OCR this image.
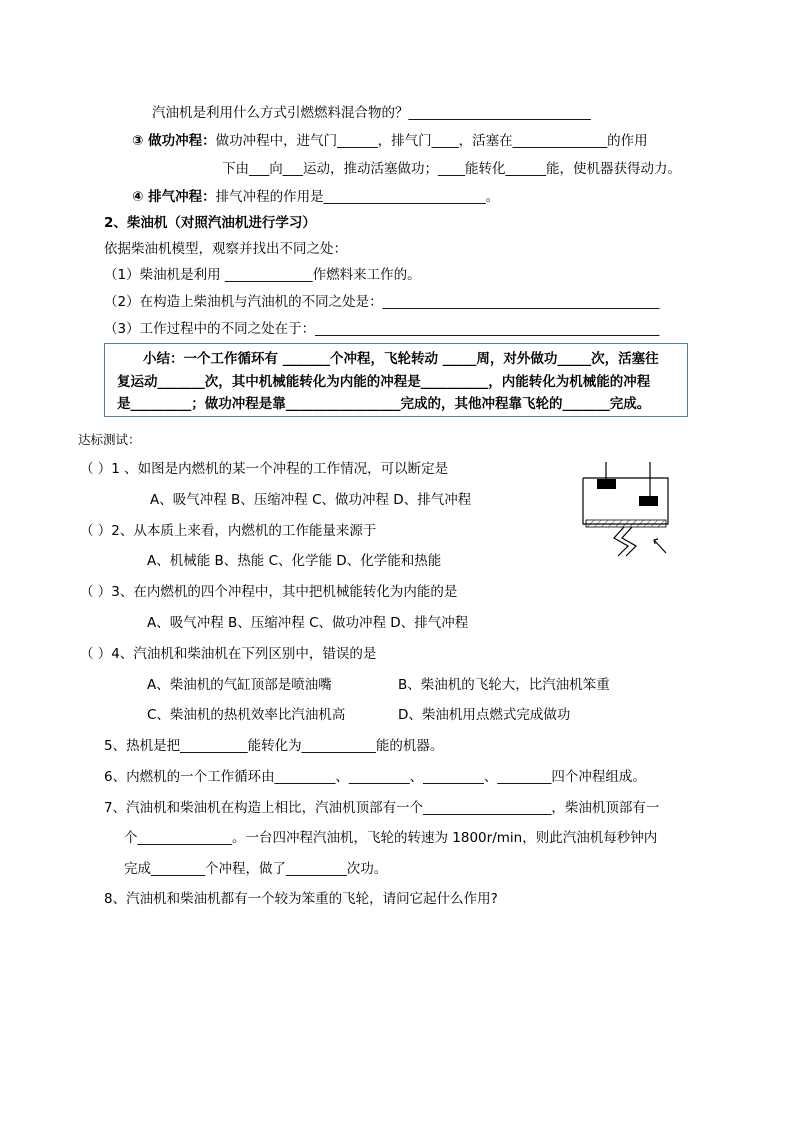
汽油机是利用什么方式引燃燃料混合物的？___________________________
③ 做功冲程：做功冲程中，进气门______，排气门____，活塞在______________的作用
下由___向___运动，推动活塞做功；____能转化______能，使机器获得动力。
④ 排气冲程：排气冲程的作用是________________________。
2、柴油机（对照汽油机进行学习）
依据柴油机模型，观察并找出不同之处：
（1）柴油机是利用 _____________作燃料来工作的。
（2）在构造上柴油机与汽油机的不同之处是：_________________________________________
（3）工作过程中的不同之处在于：___________________________________________________
小结：一个工作循环有 _______个冲程，飞轮转动 _____周，对外做功_____次，活塞往
复运动_______次，其中机械能转化为内能的冲程是__________，内能转化为机械能的冲程
是_________；做功冲程是靠_________________完成的，其他冲程靠飞轮的_______完成。
达标测试：
（ ）1 、如图是内燃机的某一个冲程的工作情况，可以断定是
A、吸气冲程 B、压缩冲程 C、做功冲程 D、排气冲程
（ ）2、从本质上来看，内燃机的工作能量来源于
A、机械能 B、热能 C、化学能 D、化学能和热能
（ ）3、在内燃机的四个冲程中，其中把机械能转化为内能的是
A、吸气冲程 B、压缩冲程 C、做功冲程 D、排气冲程
（ ）4、汽油机和柴油机在下列区别中，错误的是
A、柴油机的气缸顶部是喷油嘴	B、柴油机的飞轮大，比汽油机笨重
C、柴油机的热机效率比汽油机高	D、柴油机用点燃式完成做功
5、热机是把__________能转化为___________能的机器。
6、内燃机的一个工作循环由_________、_________、_________、________四个冲程组成。
7、汽油机和柴油机在构造上相比，汽油机顶部有一个___________________，柴油机顶部有一
个______________。一台四冲程汽油机，飞轮的转速为 1800r/min，则此汽油机每秒钟内
完成________个冲程，做了_________次功。
8、汽油机和柴油机都有一个较为笨重的飞轮，请问它起什么作用?
